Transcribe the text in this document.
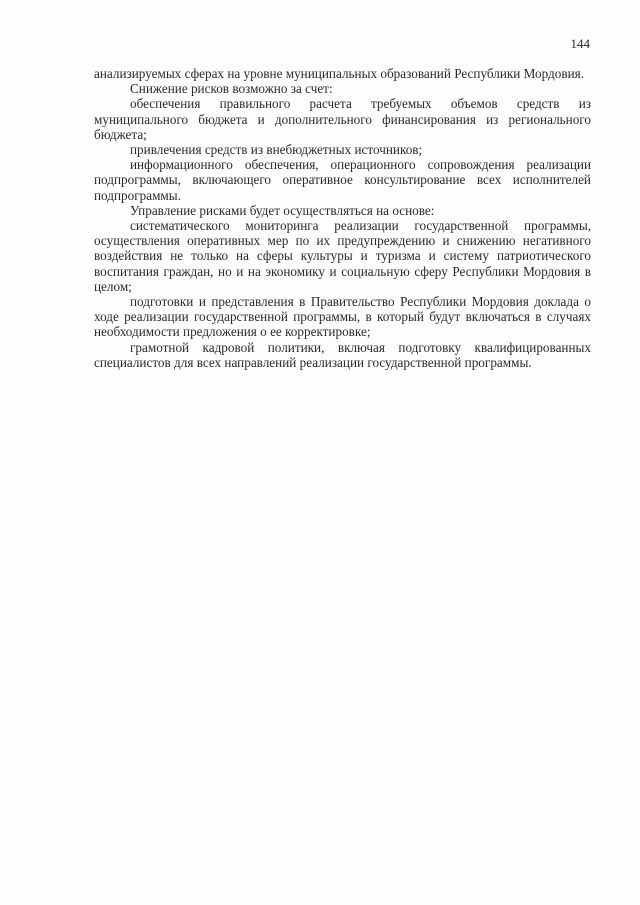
144

анализируемых сферах на уровне муниципальных образований Республики Мордовия.

Снижение рисков возможно за счет:

обеспечения правильного расчета требуемых объемов средств из муниципального бюджета и дополнительного финансирования из регионального бюджета;

привлечения средств из внебюджетных источников;

информационного обеспечения, операционного сопровождения реализации подпрограммы, включающего оперативное консультирование всех исполнителей подпрограммы.

Управление рисками будет осуществляться на основе:

систематического мониторинга реализации государственной программы, осуществления оперативных мер по их предупреждению и снижению негативного воздействия не только на сферы культуры и туризма и систему патриотического воспитания граждан, но и на экономику и социальную сферу Республики Мордовия в целом;

подготовки и представления в Правительство Республики Мордовия доклада о ходе реализации государственной программы, в который будут включаться в случаях необходимости предложения о ее корректировке;

грамотной кадровой политики, включая подготовку квалифицированных специалистов для всех направлений реализации государственной программы.
